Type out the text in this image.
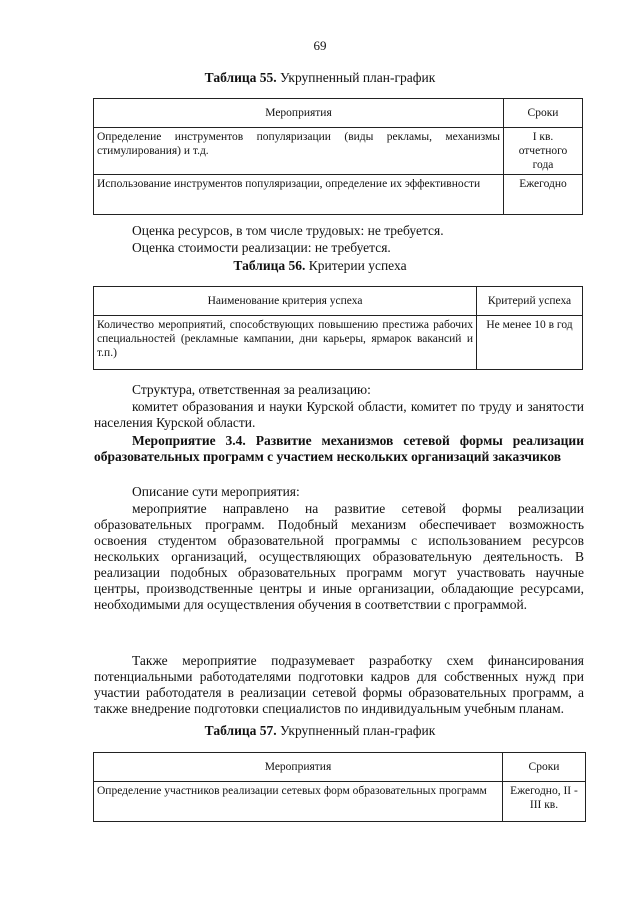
69
Таблица 55. Укрупненный план-график
Мероприятия	Сроки
Определение инструментов популяризации (виды рекламы, механизмы стимулирования) и т.д.	I кв. отчетного года
Использование инструментов популяризации, определение их эффективности	Ежегодно
Оценка ресурсов, в том числе трудовых: не требуется.
Оценка стоимости реализации: не требуется.
Таблица 56. Критерии успеха
Наименование критерия успеха	Критерий успеха
Количество мероприятий, способствующих повышению престижа рабочих специальностей (рекламные кампании, дни карьеры, ярмарок вакансий и т.п.)	Не менее 10 в год
Структура, ответственная за реализацию:
комитет образования и науки Курской области, комитет по труду и занятости населения Курской области.
Мероприятие 3.4. Развитие механизмов сетевой формы реализации образовательных программ с участием нескольких организаций заказчиков
Описание сути мероприятия:
мероприятие направлено на развитие сетевой формы реализации образовательных программ. Подобный механизм обеспечивает возможность освоения студентом образовательной программы с использованием ресурсов нескольких организаций, осуществляющих образовательную деятельность. В реализации подобных образовательных программ могут участвовать научные центры, производственные центры и иные организации, обладающие ресурсами, необходимыми для осуществления обучения в соответствии с программой.
Также мероприятие подразумевает разработку схем финансирования потенциальными работодателями подготовки кадров для собственных нужд при участии работодателя в реализации сетевой формы образовательных программ, а также внедрение подготовки специалистов по индивидуальным учебным планам.
Таблица 57. Укрупненный план-график
Мероприятия	Сроки
Определение участников реализации сетевых форм образовательных программ	Ежегодно, II - III кв.
